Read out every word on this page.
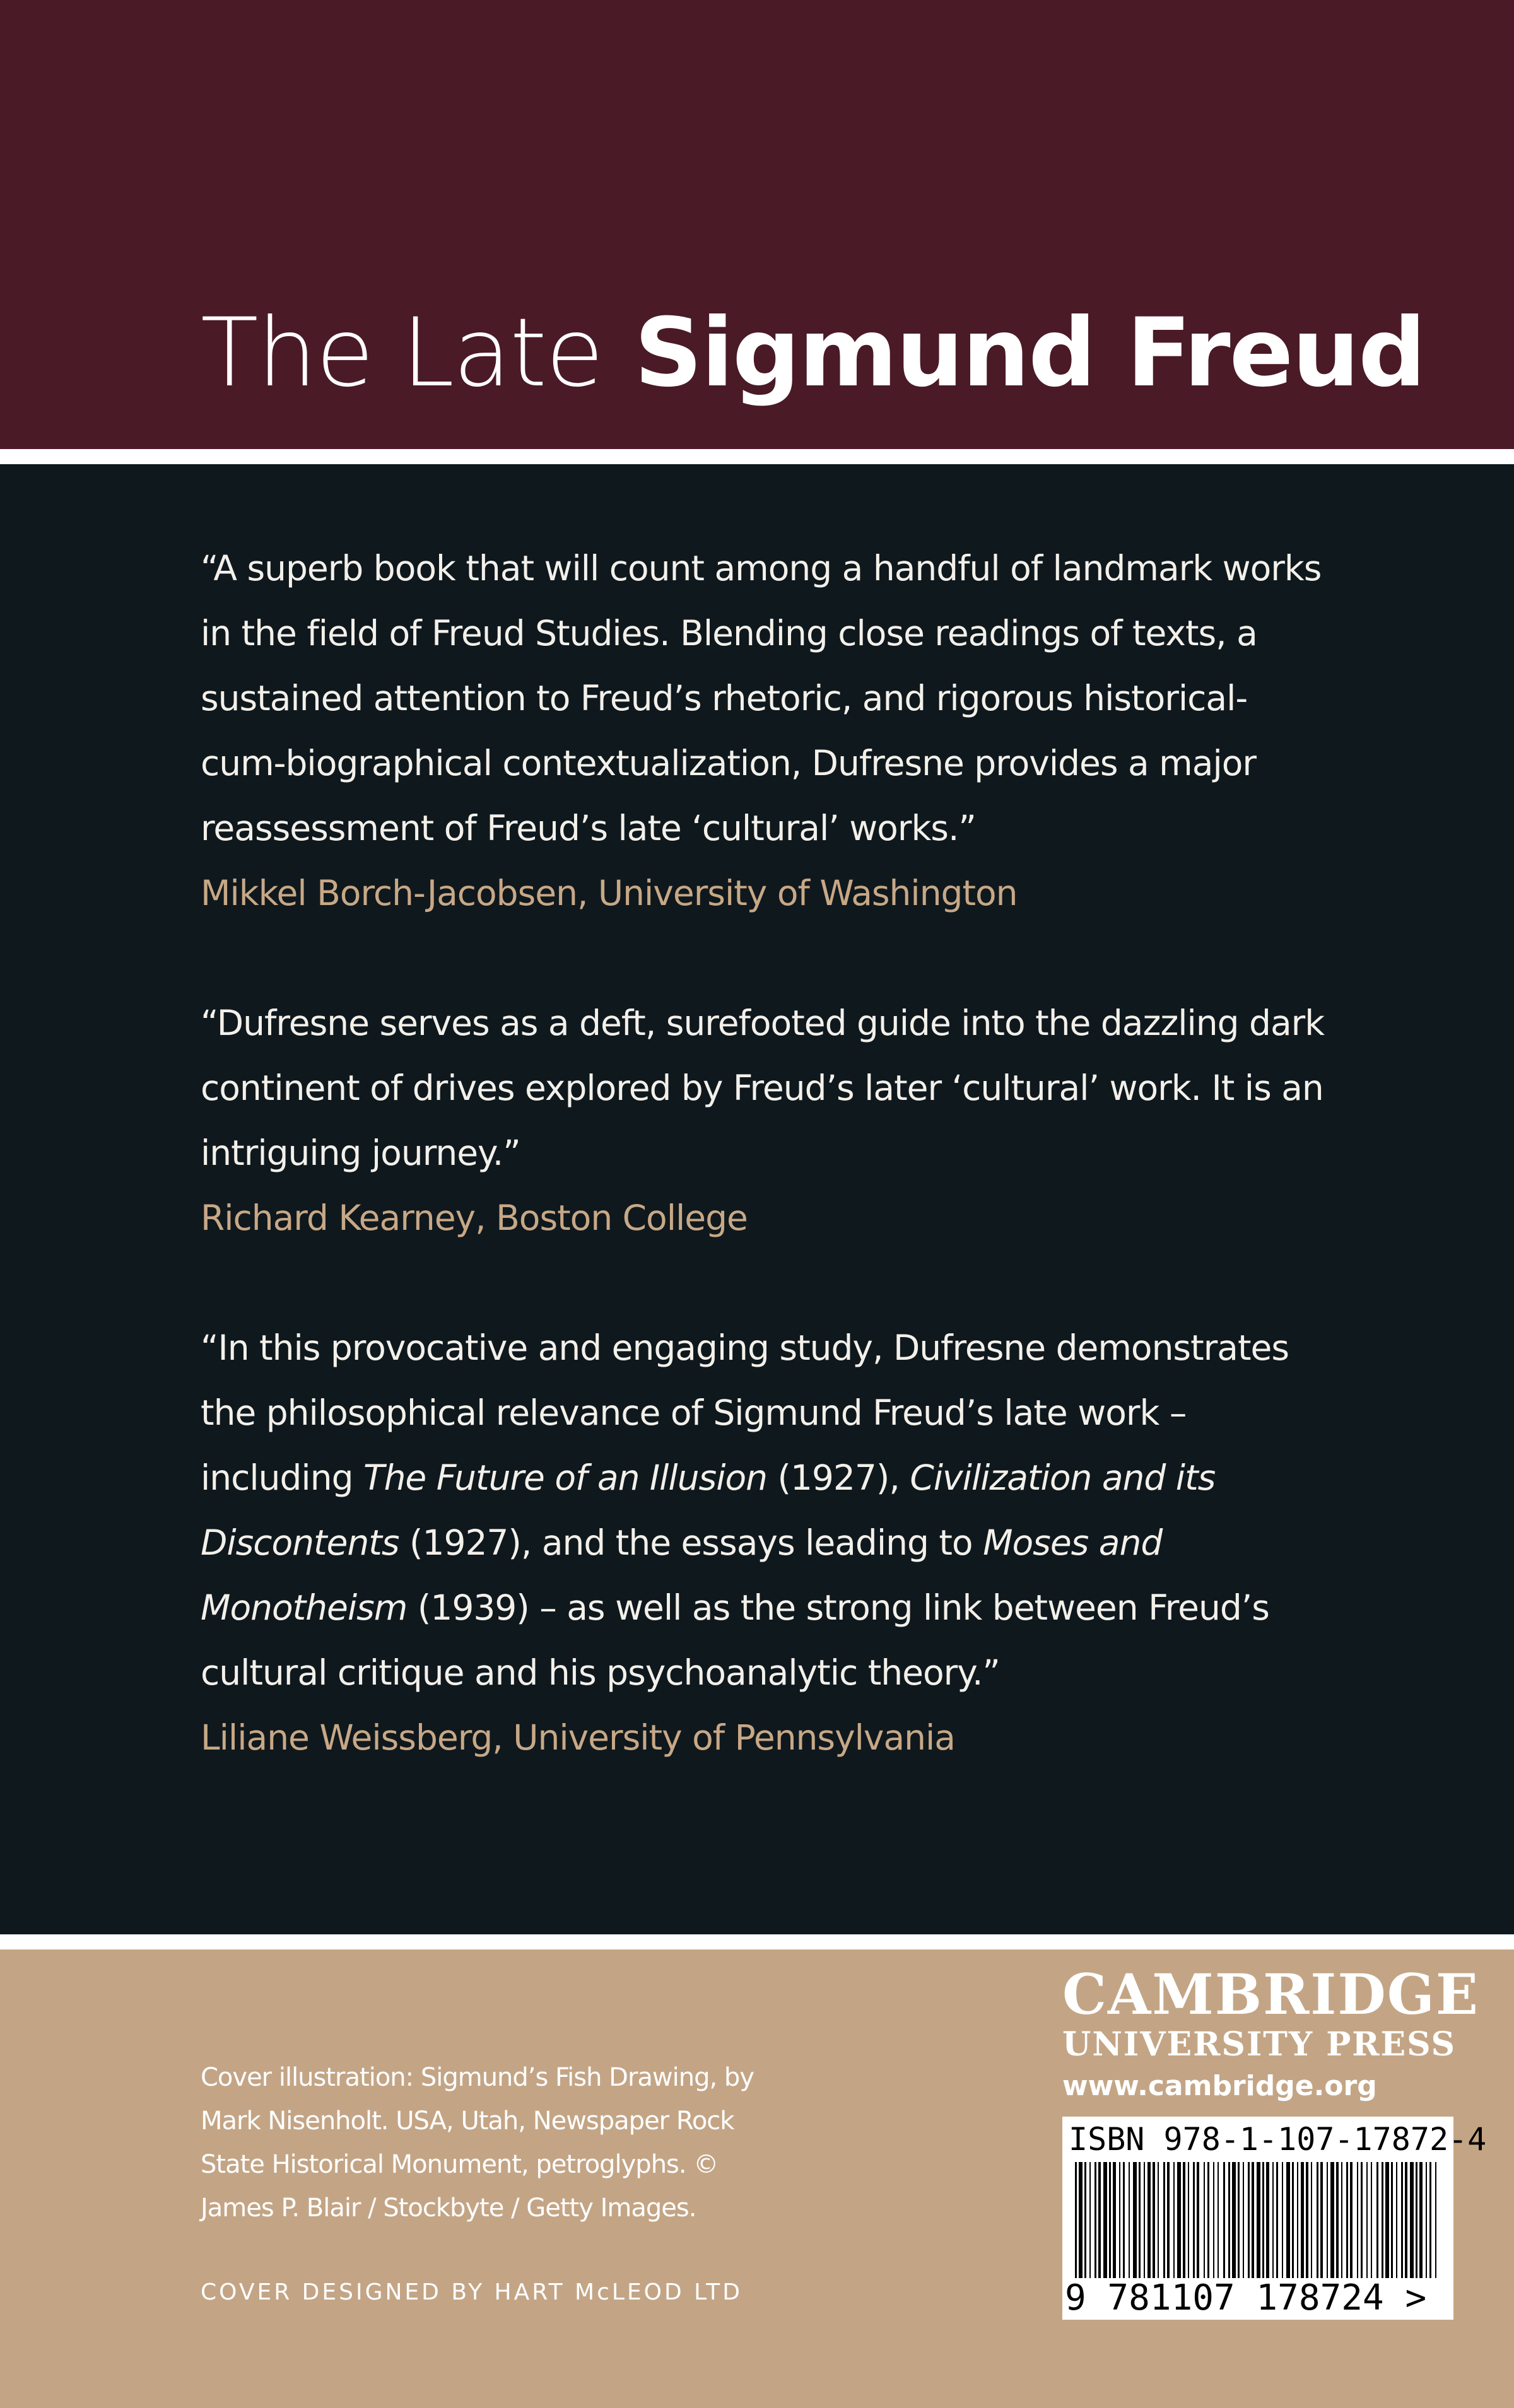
The Late Sigmund Freud

“A superb book that will count among a handful of landmark works in the field of Freud Studies. Blending close readings of texts, a sustained attention to Freud’s rhetoric, and rigorous historical-cum-biographical contextualization, Dufresne provides a major reassessment of Freud’s late ‘cultural’ works.”

Mikkel Borch-Jacobsen, University of Washington

“Dufresne serves as a deft, surefooted guide into the dazzling dark continent of drives explored by Freud’s later ‘cultural’ work. It is an intriguing journey.”

Richard Kearney, Boston College

“In this provocative and engaging study, Dufresne demonstrates the philosophical relevance of Sigmund Freud’s late work – including The Future of an Illusion (1927), Civilization and its Discontents (1927), and the essays leading to Moses and Monotheism (1939) – as well as the strong link between Freud’s cultural critique and his psychoanalytic theory.”

Liliane Weissberg, University of Pennsylvania

Cover illustration: Sigmund’s Fish Drawing, by Mark Nisenholt. USA, Utah, Newspaper Rock State Historical Monument, petroglyphs. © James P. Blair / Stockbyte / Getty Images.

COVER DESIGNED BY HART McLEOD LTD

CAMBRIDGE

UNIVERSITY PRESS

www.cambridge.org

ISBN 978-1-107-17872-4

9 781107 178724 >
